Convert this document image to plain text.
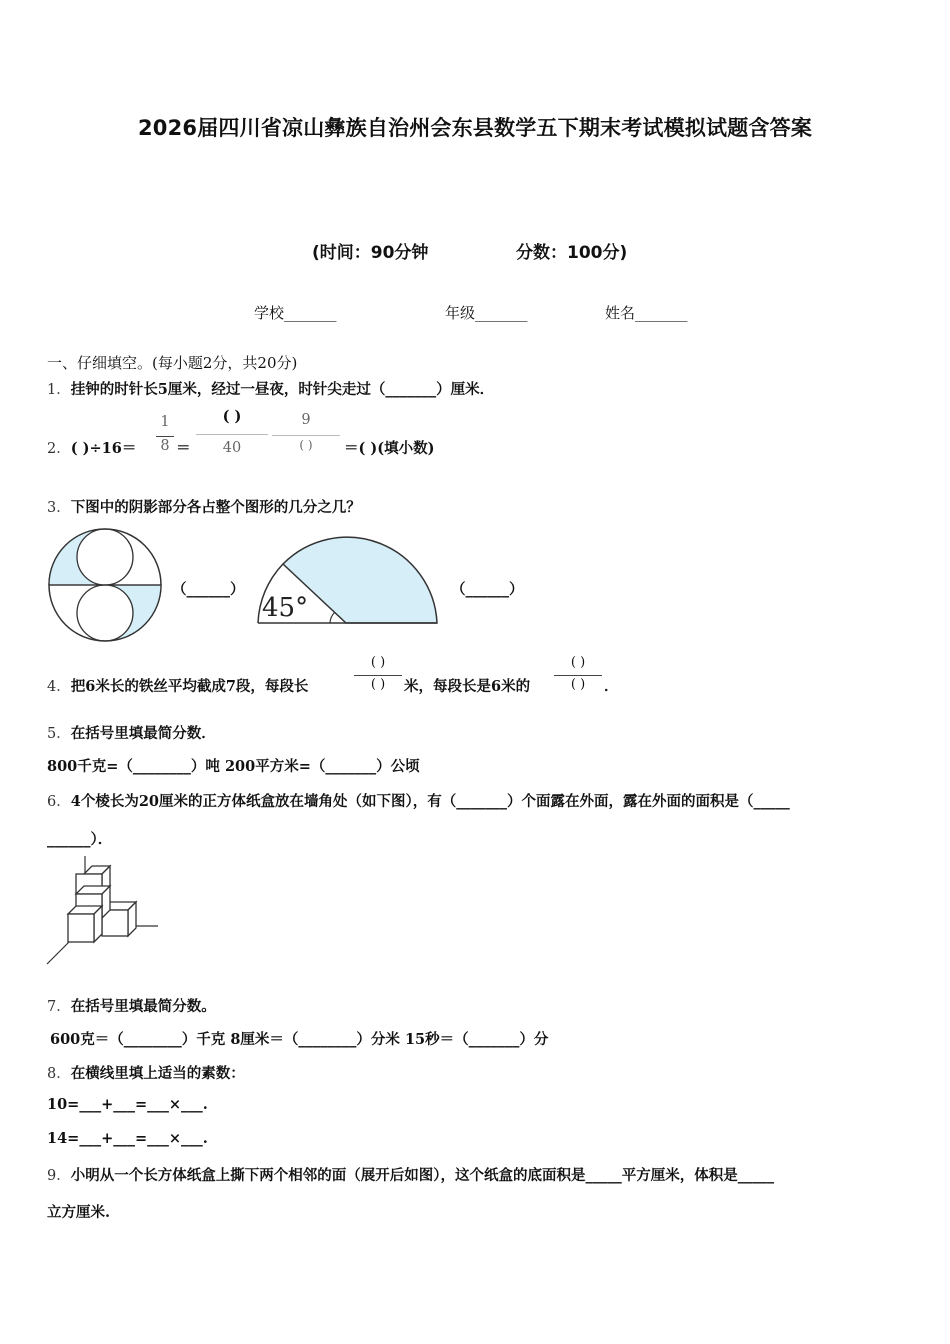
2026届四川省凉山彝族自治州会东县数学五下期末考试模拟试题含答案
(时间：90分钟	分数：100分)
学校_______	年级_______	姓名_______
一、仔细填空。(每小题2分，共20分)
1．挂钟的时针长5厘米，经过一昼夜，时针尖走过（_______）厘米．
2．( )÷16＝
1
8 ＝
( )
40
9
( )	＝( )(填小数)
3．下图中的阴影部分各占整个图形的几分之几？
（______）
45°
（______）
4．把6米长的铁丝平均截成7段，每段长
( )
( )	米，每段长是6米的
( )
( )	．
5．在括号里填最简分数．
800千克=（________）吨 200平方米=（_______）公顷
6．4个棱长为20厘米的正方体纸盒放在墙角处（如下图），有（_______）个面露在外面，露在外面的面积是（_____
______）．
7．在括号里填最简分数。
600克＝（________）千克 8厘米＝（________）分米 15秒＝（_______）分
8．在横线里填上适当的素数：
10=___+___=___×___.
14=___+___=___×___.
9．小明从一个长方体纸盒上撕下两个相邻的面（展开后如图），这个纸盒的底面积是_____平方厘米，体积是_____
立方厘米.
